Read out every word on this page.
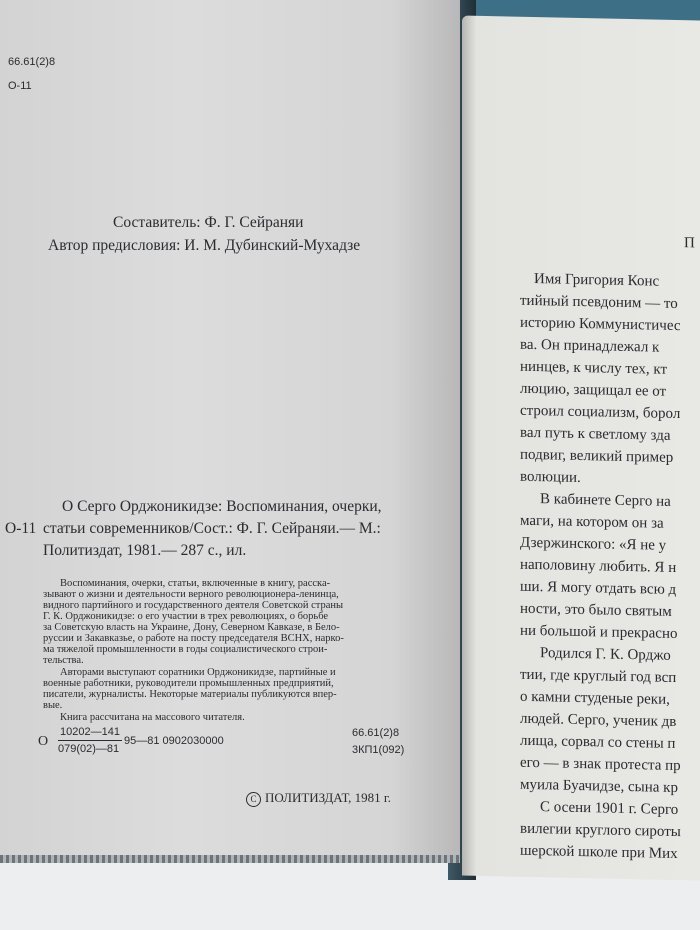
66.61(2)8
О-11
Составитель: Ф. Г. Сейраняи
Автор предисловия: И. М. Дубинский-Мухадзе
О-11
О Серго Орджоникидзе: Воспоминания, очерки,
статьи современников/Сост.: Ф. Г. Сейраняи.— М.:
Политиздат, 1981.— 287 с., ил.
Воспоминания, очерки, статьи, включенные в книгу, расска-
зывают о жизни и деятельности верного революционера-ленинца,
видного партийного и государственного деятеля Советской страны
Г. К. Орджоникидзе: о его участии в трех революциях, о борьбе
за Советскую власть на Украине, Дону, Северном Кавказе, в Бело-
руссии и Закавказье, о работе на посту председателя ВСНХ, нарко-
ма тяжелой промышленности в годы социалистического строи-
тельства.
Авторами выступают соратники Орджоникидзе, партийные и
военные работники, руководители промышленных предприятий,
писатели, журналисты. Некоторые материалы публикуются впер-
вые.
Книга рассчитана на массового читателя.
О
10202—141
079(02)—81
95—81 0902030000
66.61(2)8
3КП1(092)
C ПОЛИТИЗДАТ, 1981 г.
П
Имя Григория Конс
тийный псевдоним — то
историю Коммунистичес
ва. Он принадлежал к
нинцев, к числу тех, кт
люцию, защищал ее от
строил социализм, борол
вал путь к светлому зда
подвиг, великий пример
волюции.
В кабинете Серго на
маги, на котором он за
Дзержинского: «Я не у
наполовину любить. Я н
ши. Я могу отдать всю д
ности, это было святым
ни большой и прекрасно
Родился Г. К. Орджо
тии, где круглый год всп
о камни студеные реки,
людей. Серго, ученик дв
лища, сорвал со стены п
его — в знак протеста пр
муила Буачидзе, сына кр
С осени 1901 г. Серго
вилегии круглого сироты
шерской школе при Мих
